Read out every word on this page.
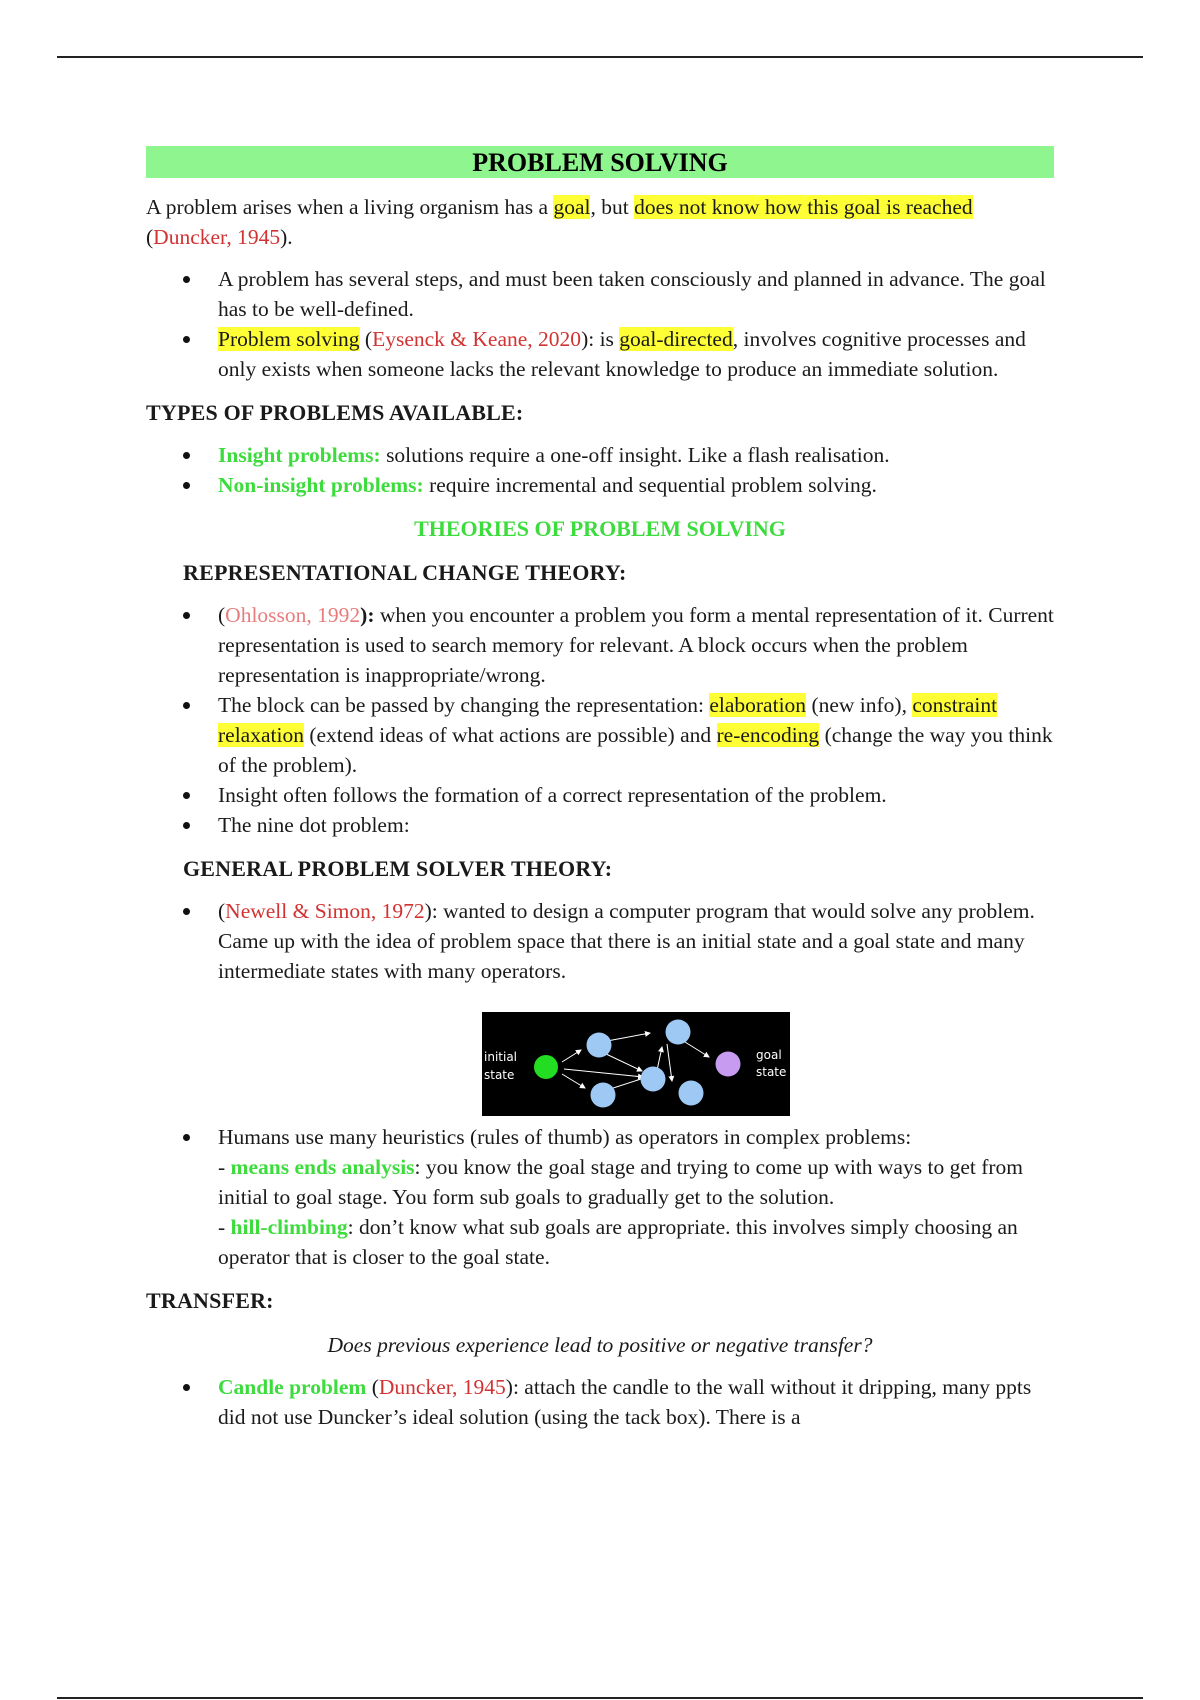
PROBLEM SOLVING

A problem arises when a living organism has a goal, but does not know how this goal is reached (Duncker, 1945).

A problem has several steps, and must been taken consciously and planned in advance. The goal has to be well-defined.
Problem solving (Eysenck & Keane, 2020): is goal-directed, involves cognitive processes and only exists when someone lacks the relevant knowledge to produce an immediate solution.
TYPES OF PROBLEMS AVAILABLE:
Insight problems: solutions require a one-off insight. Like a flash realisation.
Non-insight problems: require incremental and sequential problem solving.
THEORIES OF PROBLEM SOLVING
REPRESENTATIONAL CHANGE THEORY:
(Ohlosson, 1992): when you encounter a problem you form a mental representation of it. Current representation is used to search memory for relevant. A block occurs when the problem representation is inappropriate/wrong.
The block can be passed by changing the representation: elaboration (new info), constraint relaxation (extend ideas of what actions are possible) and re-encoding (change the way you think of the problem).
Insight often follows the formation of a correct representation of the problem.
The nine dot problem:
GENERAL PROBLEM SOLVER THEORY:
(Newell & Simon, 1972): wanted to design a computer program that would solve any problem. Came up with the idea of problem space that there is an initial state and a goal state and many intermediate states with many operators.
initial
state
goal
state
Humans use many heuristics (rules of thumb) as operators in complex problems:
- means ends analysis: you know the goal stage and trying to come up with ways to get from initial to goal stage. You form sub goals to gradually get to the solution.
- hill-climbing: don’t know what sub goals are appropriate. this involves simply choosing an operator that is closer to the goal state.
TRANSFER:

Does previous experience lead to positive or negative transfer?

Candle problem (Duncker, 1945): attach the candle to the wall without it dripping, many ppts did not use Duncker’s ideal solution (using the tack box). There is a
